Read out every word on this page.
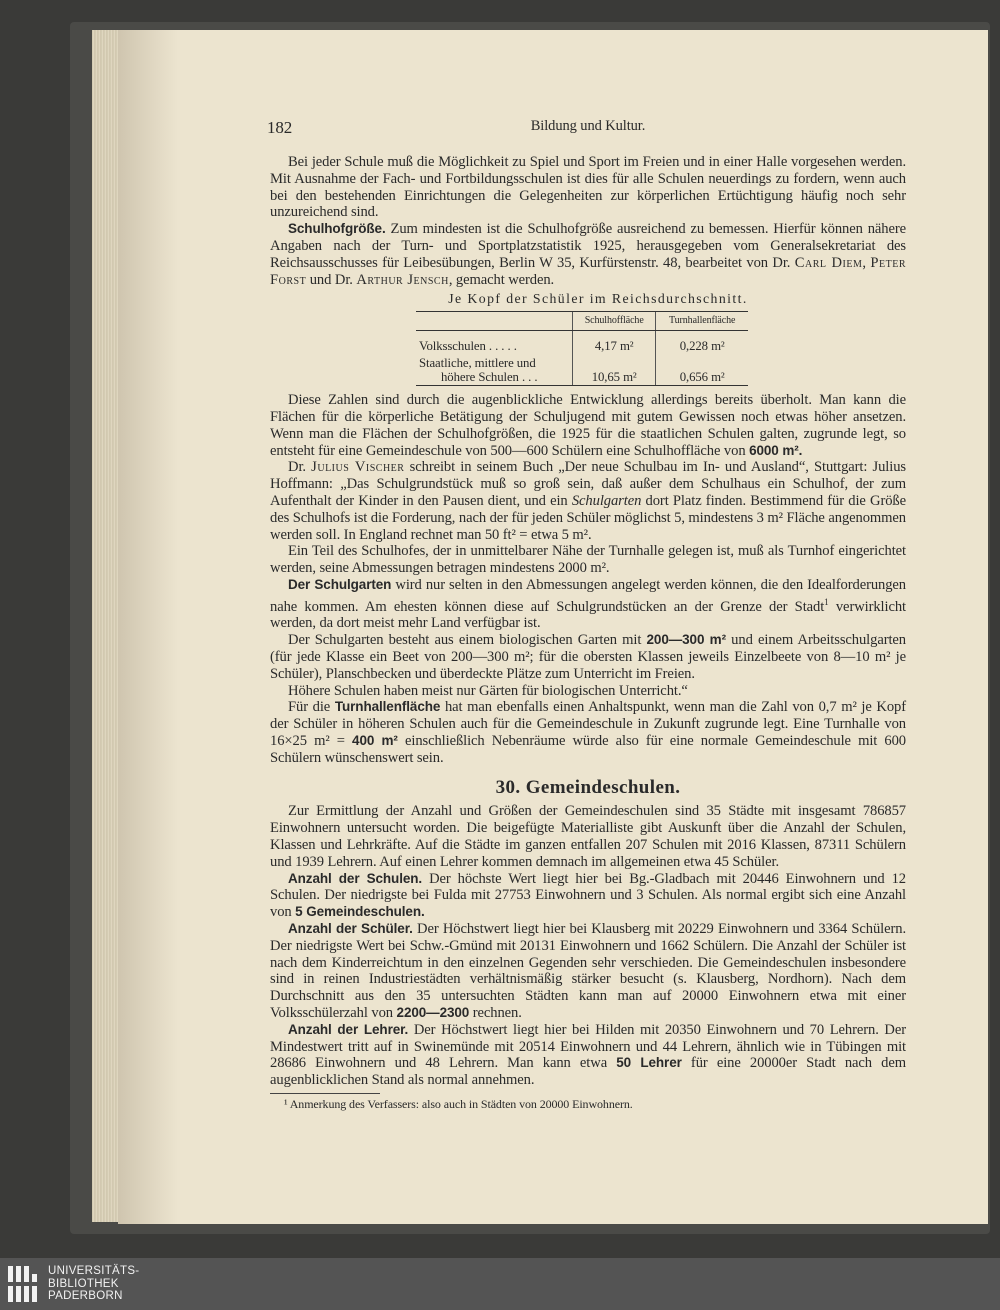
182	Bildung und Kultur.

Bei jeder Schule muß die Möglichkeit zu Spiel und Sport im Freien und in einer Halle vorgesehen werden. Mit Ausnahme der Fach- und Fortbildungsschulen ist dies für alle Schulen neuerdings zu fordern, wenn auch bei den bestehenden Einrichtungen die Gelegenheiten zur körperlichen Ertüchtigung häufig noch sehr unzureichend sind.

Schulhofgröße. Zum mindesten ist die Schulhofgröße ausreichend zu bemessen. Hierfür können nähere Angaben nach der Turn- und Sportplatzstatistik 1925, herausgegeben vom Generalsekretariat des Reichsausschusses für Leibesübungen, Berlin W 35, Kurfürstenstr. 48, bearbeitet von Dr. Carl Diem, Peter Forst und Dr. Arthur Jensch, gemacht werden.

Je Kopf der Schüler im Reichsdurchschnitt.
	Schulhoffläche	Turnhallenfläche
Volksschulen . . . . .	4,17 m²	0,228 m²
Staatliche, mittlere und
höhere Schulen . . .	10,65 m²	0,656 m²

Diese Zahlen sind durch die augenblickliche Entwicklung allerdings bereits überholt. Man kann die Flächen für die körperliche Betätigung der Schuljugend mit gutem Gewissen noch etwas höher ansetzen. Wenn man die Flächen der Schulhofgrößen, die 1925 für die staatlichen Schulen galten, zugrunde legt, so entsteht für eine Gemeindeschule von 500—600 Schülern eine Schulhoffläche von 6000 m².

Dr. Julius Vischer schreibt in seinem Buch „Der neue Schulbau im In- und Ausland“, Stuttgart: Julius Hoffmann: „Das Schulgrundstück muß so groß sein, daß außer dem Schulhaus ein Schulhof, der zum Aufenthalt der Kinder in den Pausen dient, und ein Schulgarten dort Platz finden. Bestimmend für die Größe des Schulhofs ist die Forderung, nach der für jeden Schüler möglichst 5, mindestens 3 m² Fläche angenommen werden soll. In England rechnet man 50 ft² = etwa 5 m².

Ein Teil des Schulhofes, der in unmittelbarer Nähe der Turnhalle gelegen ist, muß als Turnhof eingerichtet werden, seine Abmessungen betragen mindestens 2000 m².

Der Schulgarten wird nur selten in den Abmessungen angelegt werden können, die den Idealforderungen nahe kommen. Am ehesten können diese auf Schulgrundstücken an der Grenze der Stadt$^1$ verwirklicht werden, da dort meist mehr Land verfügbar ist.

Der Schulgarten besteht aus einem biologischen Garten mit 200—300 m² und einem Arbeitsschulgarten (für jede Klasse ein Beet von 200—300 m²; für die obersten Klassen jeweils Einzelbeete von 8—10 m² je Schüler), Planschbecken und überdeckte Plätze zum Unterricht im Freien.

Höhere Schulen haben meist nur Gärten für biologischen Unterricht.“

Für die Turnhallenfläche hat man ebenfalls einen Anhaltspunkt, wenn man die Zahl von 0,7 m² je Kopf der Schüler in höheren Schulen auch für die Gemeindeschule in Zukunft zugrunde legt. Eine Turnhalle von 16×25 m² = 400 m² einschließlich Nebenräume würde also für eine normale Gemeindeschule mit 600 Schülern wünschenswert sein.

30. Gemeindeschulen.

Zur Ermittlung der Anzahl und Größen der Gemeindeschulen sind 35 Städte mit insgesamt 786857 Einwohnern untersucht worden. Die beigefügte Materialliste gibt Auskunft über die Anzahl der Schulen, Klassen und Lehrkräfte. Auf die Städte im ganzen entfallen 207 Schulen mit 2016 Klassen, 87311 Schülern und 1939 Lehrern. Auf einen Lehrer kommen demnach im allgemeinen etwa 45 Schüler.

Anzahl der Schulen. Der höchste Wert liegt hier bei Bg.-Gladbach mit 20446 Einwohnern und 12 Schulen. Der niedrigste bei Fulda mit 27753 Einwohnern und 3 Schulen. Als normal ergibt sich eine Anzahl von 5 Gemeindeschulen.

Anzahl der Schüler. Der Höchstwert liegt hier bei Klausberg mit 20229 Einwohnern und 3364 Schülern. Der niedrigste Wert bei Schw.-Gmünd mit 20131 Einwohnern und 1662 Schülern. Die Anzahl der Schüler ist nach dem Kinderreichtum in den einzelnen Gegenden sehr verschieden. Die Gemeindeschulen insbesondere sind in reinen Industriestädten verhältnismäßig stärker besucht (s. Klausberg, Nordhorn). Nach dem Durchschnitt aus den 35 untersuchten Städten kann man auf 20000 Einwohnern etwa mit einer Volksschülerzahl von 2200—2300 rechnen.

Anzahl der Lehrer. Der Höchstwert liegt hier bei Hilden mit 20350 Einwohnern und 70 Lehrern. Der Mindestwert tritt auf in Swinemünde mit 20514 Einwohnern und 44 Lehrern, ähnlich wie in Tübingen mit 28686 Einwohnern und 48 Lehrern. Man kann etwa 50 Lehrer für eine 20000er Stadt nach dem augenblicklichen Stand als normal annehmen.

¹ Anmerkung des Verfassers: also auch in Städten von 20000 Einwohnern.

UNIVERSITÄTS-
BIBLIOTHEK
PADERBORN
